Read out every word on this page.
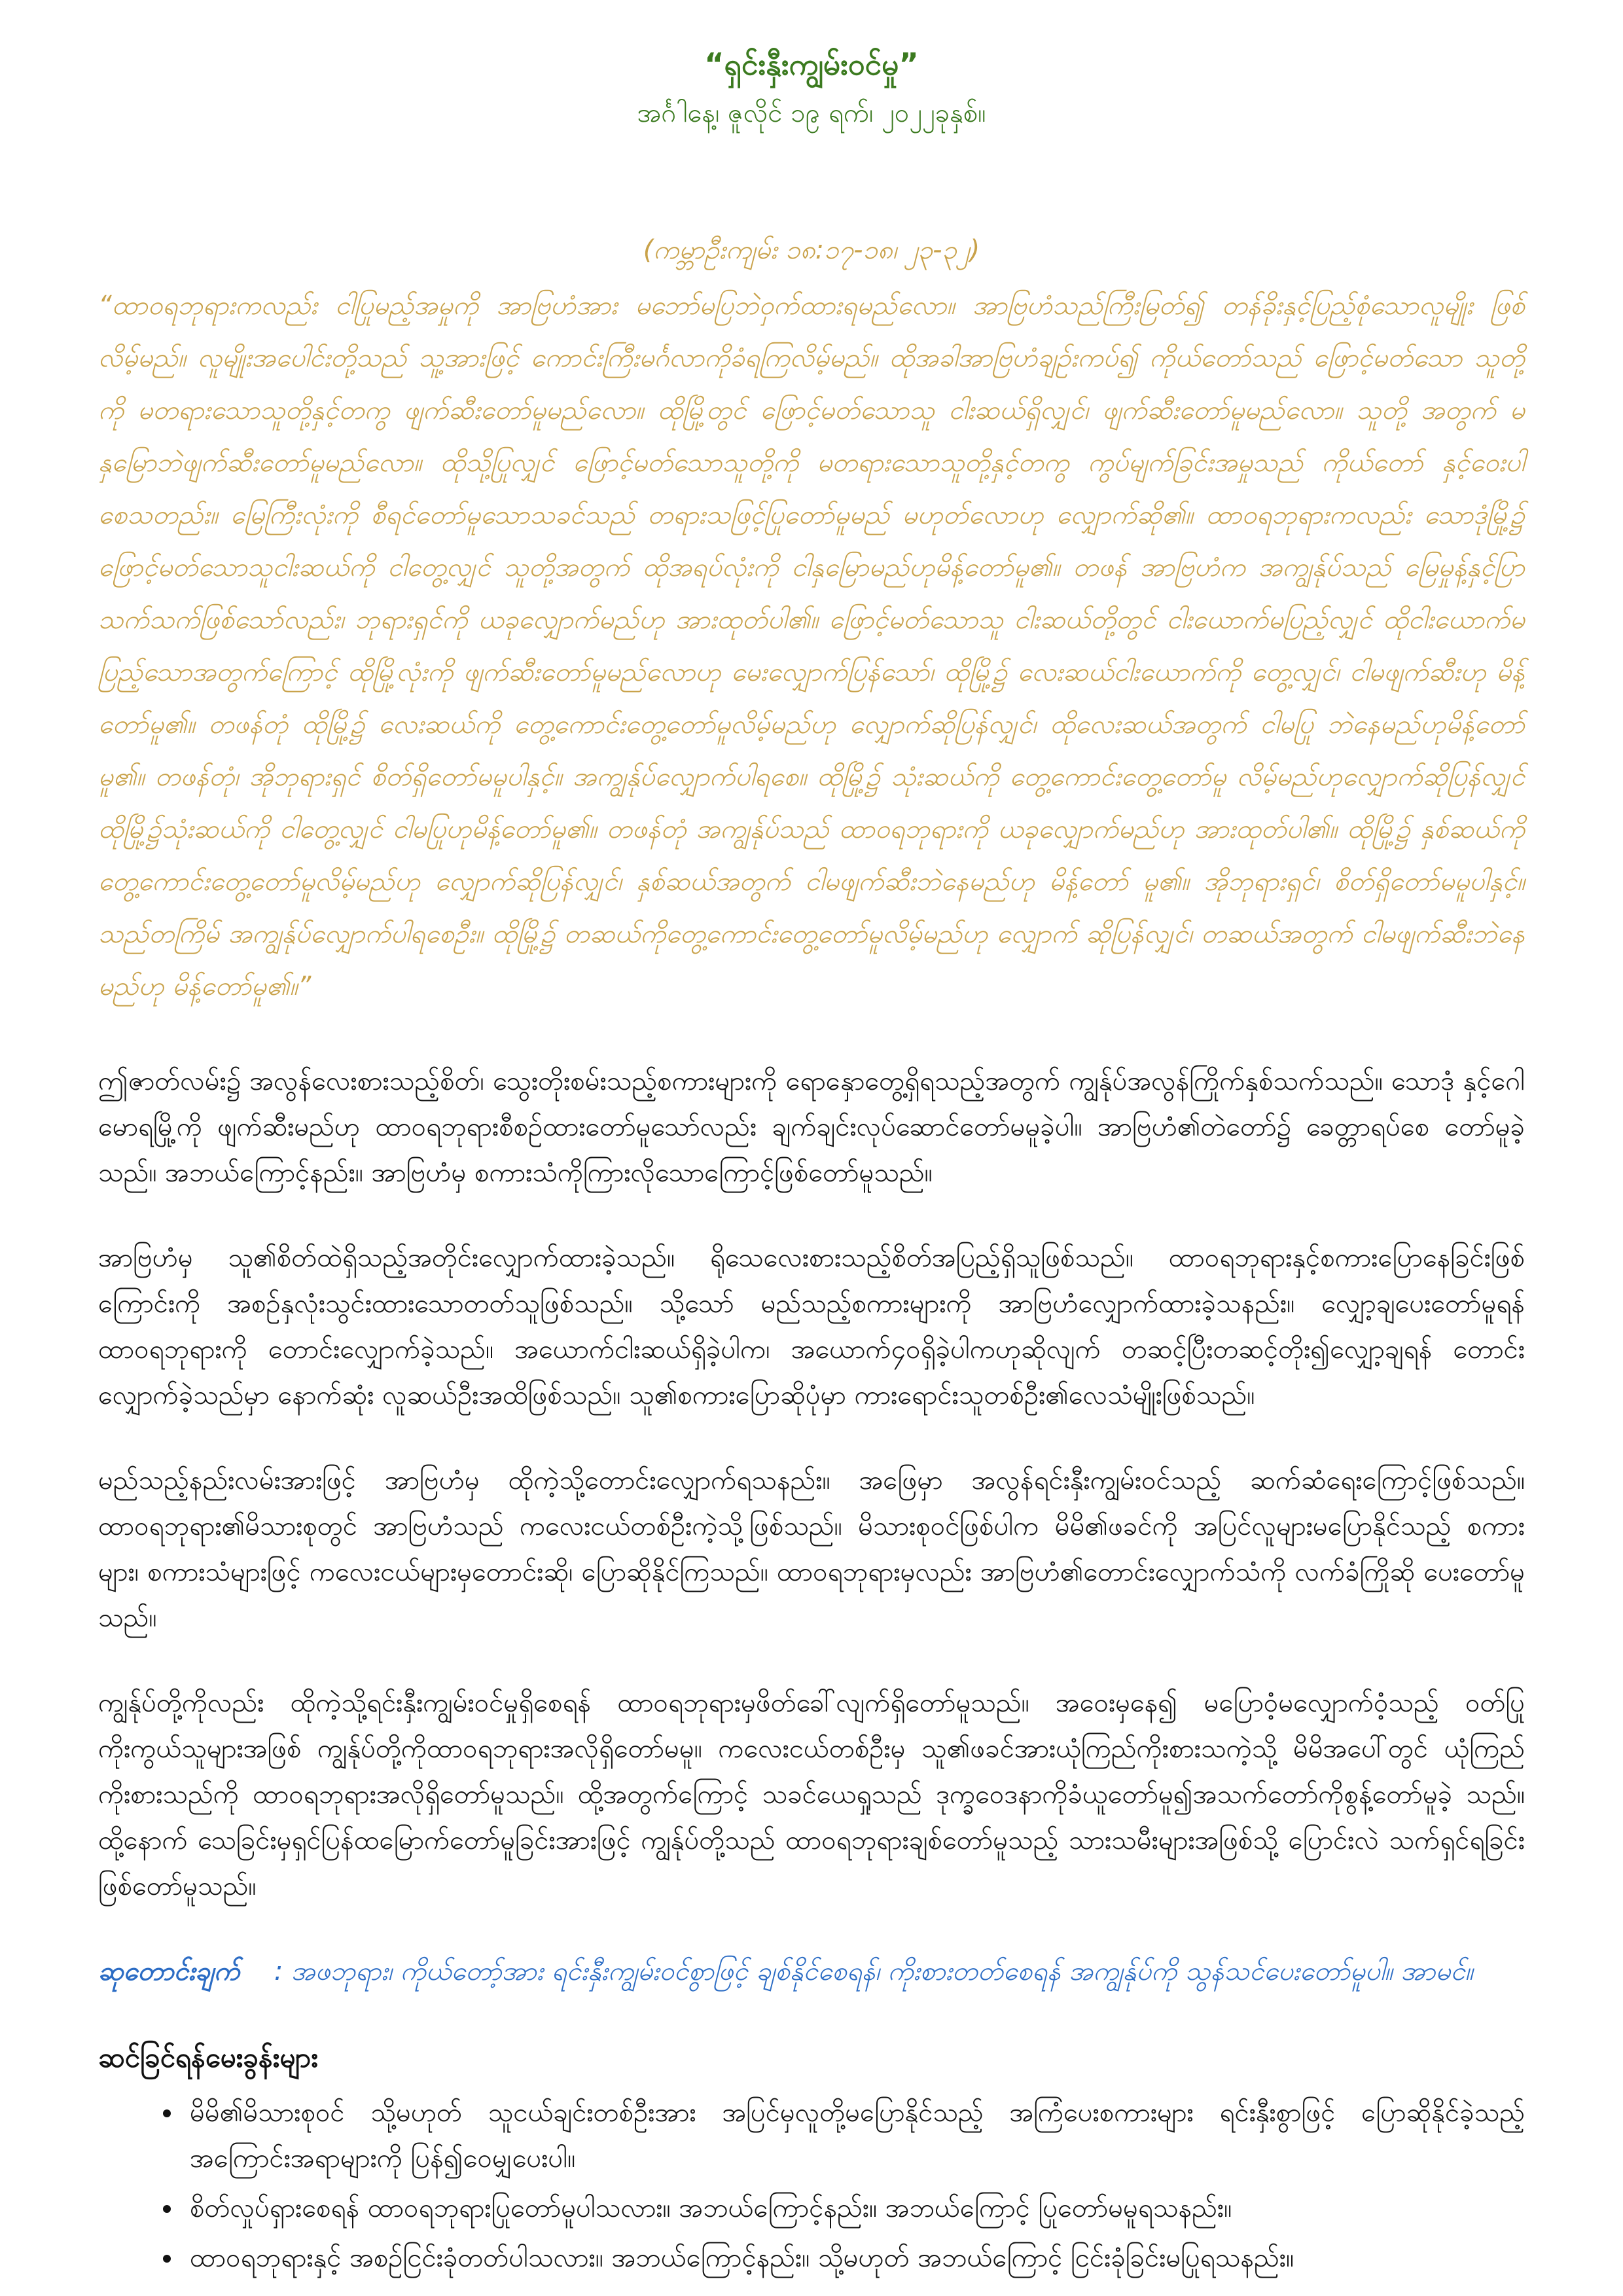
“ရှင်းနှီးကျွမ်းဝင်မှု”
အင်္ဂါနေ့၊ ဇူလိုင် ၁၉ ရက်၊ ၂၀၂၂ခုနှစ်။
(ကမ္ဘာဦးကျမ်း ၁၈:၁၇-၁၈၊ ၂၃-၃၂)
“ထာဝရဘုရားကလည်း ငါပြုမည့်အမှုကို အာဗြဟံအား မဘော်မပြဘဲဝှက်ထားရမည်လော။ အာဗြဟံသည်ကြီးမြတ်၍ တန်ခိုးနှင့်ပြည့်စုံသောလူမျိုး ဖြစ်လိမ့်မည်။ လူမျိုးအပေါင်းတို့သည် သူ့အားဖြင့် ကောင်းကြီးမင်္ဂလာကိုခံရကြလိမ့်မည်။ ထိုအခါအာဗြဟံချဉ်းကပ်၍ ကိုယ်တော်သည် ဖြောင့်မတ်သော သူတို့ကို မတရားသောသူတို့နှင့်တကွ ဖျက်ဆီးတော်မူမည်လော။ ထိုမြို့တွင် ဖြောင့်မတ်သောသူ ငါးဆယ်ရှိလျှင်၊ ဖျက်ဆီးတော်မူမည်လော။ သူတို့ အတွက် မနှမြောဘဲဖျက်ဆီးတော်မူမည်လော။ ထိုသို့ပြုလျှင် ဖြောင့်မတ်သောသူတို့ကို မတရားသောသူတို့နှင့်တကွ ကွပ်မျက်ခြင်းအမှုသည် ကိုယ်တော် နှင့်ဝေးပါစေသတည်း။ မြေကြီးလုံးကို စီရင်တော်မူသောသခင်သည် တရားသဖြင့်ပြုတော်မူမည် မဟုတ်လောဟု လျှောက်ဆို၏။ ထာဝရဘုရားကလည်း သောဒုံမြို့၌ ဖြောင့်မတ်သောသူငါးဆယ်ကို ငါတွေ့လျှင် သူတို့အတွက် ထိုအရပ်လုံးကို ငါနှမြောမည်ဟုမိန့်တော်မူ၏။ တဖန် အာဗြဟံက အကျွန်ုပ်သည် မြေမှုန့်နှင့်ပြာသက်သက်ဖြစ်သော်လည်း၊ ဘုရားရှင်ကို ယခုလျှောက်မည်ဟု အားထုတ်ပါ၏။ ဖြောင့်မတ်သောသူ ငါးဆယ်တို့တွင် ငါးယောက်မပြည့်လျှင် ထိုငါးယောက်မပြည့်သောအတွက်ကြောင့် ထိုမြို့လုံးကို ဖျက်ဆီးတော်မူမည်လောဟု မေးလျှောက်ပြန်သော်၊ ထိုမြို့၌ လေးဆယ်ငါးယောက်ကို တွေ့လျှင်၊ ငါမဖျက်ဆီးဟု မိန့်တော်မူ၏။ တဖန်တုံ ထိုမြို့၌ လေးဆယ်ကို တွေ့ကောင်းတွေ့တော်မူလိမ့်မည်ဟု လျှောက်ဆိုပြန်လျှင်၊ ထိုလေးဆယ်အတွက် ငါမပြု ဘဲနေမည်ဟုမိန့်တော်မူ၏။ တဖန်တုံ၊ အိုဘုရားရှင် စိတ်ရှိတော်မမူပါနှင့်။ အကျွန်ုပ်လျှောက်ပါရစေ။ ထိုမြို့၌ သုံးဆယ်ကို တွေ့ကောင်းတွေ့တော်မူ လိမ့်မည်ဟုလျှောက်ဆိုပြန်လျှင် ထိုမြို့၌သုံးဆယ်ကို ငါတွေ့လျှင် ငါမပြုဟုမိန့်တော်မူ၏။ တဖန်တုံ အကျွန်ုပ်သည် ထာဝရဘုရားကို ယခုလျှောက်မည်ဟု အားထုတ်ပါ၏။ ထိုမြို့၌ နှစ်ဆယ်ကို တွေ့ကောင်းတွေ့တော်မူလိမ့်မည်ဟု လျှောက်ဆိုပြန်လျှင်၊ နှစ်ဆယ်အတွက် ငါမဖျက်ဆီးဘဲနေမည်ဟု မိန့်တော် မူ၏။ အိုဘုရားရှင်၊ စိတ်ရှိတော်မမူပါနှင့်။ သည်တကြိမ် အကျွန်ုပ်လျှောက်ပါရစေဦး။ ထိုမြို့၌ တဆယ်ကိုတွေ့ကောင်းတွေ့တော်မူလိမ့်မည်ဟု လျှောက် ဆိုပြန်လျှင်၊ တဆယ်အတွက် ငါမဖျက်ဆီးဘဲနေမည်ဟု မိန့်တော်မူ၏။”
ဤဇာတ်လမ်း၌ အလွန်လေးစားသည့်စိတ်၊ သွေးတိုးစမ်းသည့်စကားများကို ရောနှောတွေ့ရှိရသည့်အတွက် ကျွန်ုပ်အလွန်ကြိုက်နှစ်သက်သည်။ သောဒုံ နှင့်ဂေါမောရမြို့ကို ဖျက်ဆီးမည်ဟု ထာဝရဘုရားစီစဉ်ထားတော်မူသော်လည်း ချက်ချင်းလုပ်ဆောင်တော်မမူခဲ့ပါ။ အာဗြဟံ၏တဲတော်၌ ခေတ္တာရပ်စေ တော်မူခဲ့သည်။ အဘယ်ကြောင့်နည်း။ အာဗြဟံမှ စကားသံကိုကြားလိုသောကြောင့်ဖြစ်တော်မူသည်။
အာဗြဟံမှ သူ၏စိတ်ထဲရှိသည့်အတိုင်းလျှောက်ထားခဲ့သည်။ ရိုသေလေးစားသည့်စိတ်အပြည့်ရှိသူဖြစ်သည်။ ထာဝရဘုရားနှင့်စကားပြောနေခြင်းဖြစ် ကြောင်းကို အစဉ်နှလုံးသွင်းထားသောတတ်သူဖြစ်သည်။ သို့သော် မည်သည့်စကားများကို အာဗြဟံလျှောက်ထားခဲ့သနည်း။ လျှော့ချပေးတော်မူရန် ထာဝရဘုရားကို တောင်းလျှောက်ခဲ့သည်။ အယောက်ငါးဆယ်ရှိခဲ့ပါက၊ အယောက်၄၀ရှိခဲ့ပါကဟုဆိုလျက် တဆင့်ပြီးတဆင့်တိုး၍လျှော့ချရန် တောင်း လျှောက်ခဲ့သည်မှာ နောက်ဆုံး လူဆယ်ဦးအထိဖြစ်သည်။ သူ၏စကားပြောဆိုပုံမှာ ကားရောင်းသူတစ်ဦး၏လေသံမျိုးဖြစ်သည်။
မည်သည့်နည်းလမ်းအားဖြင့် အာဗြဟံမှ ထိုကဲ့သို့တောင်းလျှောက်ရသနည်း။ အဖြေမှာ အလွန်ရင်းနှီးကျွမ်းဝင်သည့် ဆက်ဆံရေးကြောင့်ဖြစ်သည်။ ထာဝရဘုရား၏မိသားစုတွင် အာဗြဟံသည် ကလေးငယ်တစ်ဦးကဲ့သို့ဖြစ်သည်။ မိသားစုဝင်ဖြစ်ပါက မိမိ၏ဖခင်ကို အပြင်လူများမပြောနိုင်သည့် စကား များ၊ စကားသံများဖြင့် ကလေးငယ်များမှတောင်းဆို၊ ပြောဆိုနိုင်ကြသည်။ ထာဝရဘုရားမှလည်း အာဗြဟံ၏တောင်းလျှောက်သံကို လက်ခံကြိုဆို ပေးတော်မူသည်။
ကျွန်ုပ်တို့ကိုလည်း ထိုကဲ့သို့ရင်းနှီးကျွမ်းဝင်မှုရှိစေရန် ထာဝရဘုရားမှဖိတ်ခေါ်လျက်ရှိတော်မူသည်။ အဝေးမှနေ၍ မပြောဝံ့မလျှောက်ဝံ့သည့် ဝတ်ပြု ကိုးကွယ်သူများအဖြစ် ကျွန်ုပ်တို့ကိုထာဝရဘုရားအလိုရှိတော်မမူ။ ကလေးငယ်တစ်ဦးမှ သူ၏ဖခင်အားယုံကြည်ကိုးစားသကဲ့သို့ မိမိအပေါ်တွင် ယုံကြည် ကိုးစားသည်ကို ထာဝရဘုရားအလိုရှိတော်မူသည်။ ထို့အတွက်ကြောင့် သခင်ယေရှုသည် ဒုက္ခဝေဒနာကိုခံယူတော်မူ၍အသက်တော်ကိုစွန့်တော်မူခဲ့ သည်။ ထို့နောက် သေခြင်းမှရှင်ပြန်ထမြောက်တော်မူခြင်းအားဖြင့် ကျွန်ုပ်တို့သည် ထာဝရဘုရားချစ်တော်မူသည့် သားသမီးများအဖြစ်သို့ ပြောင်းလဲ သက်ရှင်ရခြင်းဖြစ်တော်မူသည်။
ဆုတောင်းချက် : အဖဘုရား၊ ကိုယ်တော့်အား ရင်းနှီးကျွမ်းဝင်စွာဖြင့် ချစ်နိုင်စေရန်၊ ကိုးစားတတ်စေရန် အကျွန်ုပ်ကို သွန်သင်ပေးတော်မူပါ။ အာမင်။
ဆင်ခြင်ရန်မေးခွန်းများ
• မိမိ၏မိသားစုဝင် သို့မဟုတ် သူငယ်ချင်းတစ်ဦးအား အပြင်မှလူတို့မပြောနိုင်သည့် အကြံပေးစကားများ ရင်းနှီးစွာဖြင့် ပြောဆိုနိုင်ခဲ့သည့် အကြောင်းအရာများကို ပြန်၍ဝေမျှပေးပါ။
• စိတ်လှုပ်ရှားစေရန် ထာဝရဘုရားပြုတော်မူပါသလား။ အဘယ်ကြောင့်နည်း။ အဘယ်ကြောင့် ပြုတော်မမူရသနည်း။
• ထာဝရဘုရားနှင့် အစဉ်ငြင်းခုံတတ်ပါသလား။ အဘယ်ကြောင့်နည်း။ သို့မဟုတ် အဘယ်ကြောင့် ငြင်းခုံခြင်းမပြုရသနည်း။
